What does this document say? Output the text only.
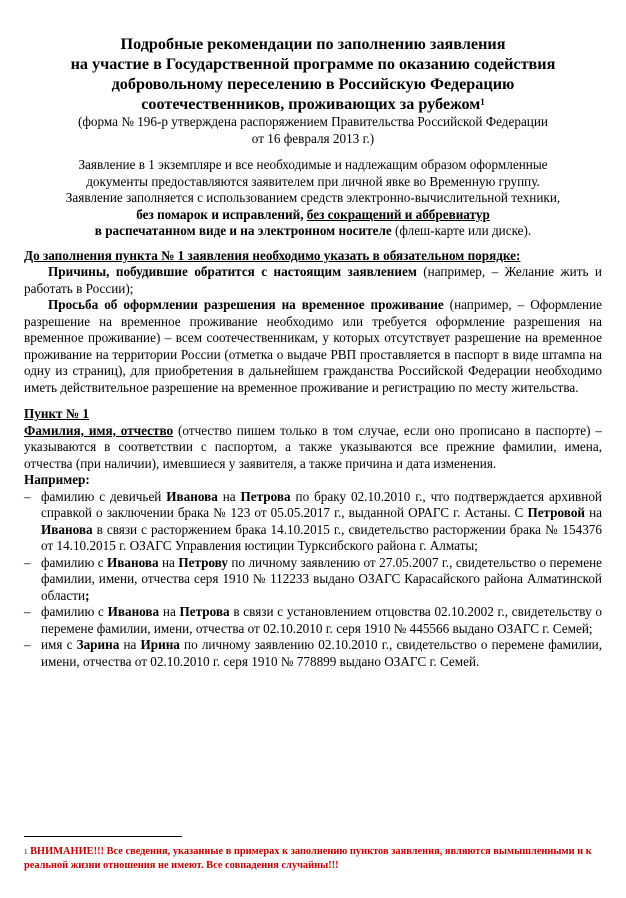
Подробные рекомендации по заполнению заявления
на участие в Государственной программе по оказанию содействия
добровольному переселению в Российскую Федерацию
соотечественников, проживающих за рубежом$^1$
(форма № 196-р утверждена распоряжением Правительства Российской Федерации
от 16 февраля 2013 г.)
Заявление в 1 экземпляре и все необходимые и надлежащим образом оформленные
документы предоставляются заявителем при личной явке во Временную группу.
Заявление заполняется с использованием средств электронно-вычислительной техники,
без помарок и исправлений, без сокращений и аббревиатур
в распечатанном виде и на электронном носителе (флеш-карте или диске).
До заполнения пункта № 1 заявления необходимо указать в обязательном порядке:
Причины, побудившие обратится с настоящим заявлением (например, – Желание жить и работать в России);
Просьба об оформлении разрешения на временное проживание (например, – Оформление разрешение на временное проживание необходимо или требуется оформление разрешения на временное проживание) – всем соотечественникам, у которых отсутствует разрешение на временное проживание на территории России (отметка о выдаче РВП проставляется в паспорт в виде штампа на одну из страниц), для приобретения в дальнейшем гражданства Российской Федерации необходимо иметь действительное разрешение на временное проживание и регистрацию по месту жительства.
Пункт № 1
Фамилия, имя, отчество (отчество пишем только в том случае, если оно прописано в паспорте) – указываются в соответствии с паспортом, а также указываются все прежние фамилии, имена, отчества (при наличии), имевшиеся у заявителя, а также причина и дата изменения.
Например:
– фамилию с девичьей Иванова на Петрова по браку 02.10.2010 г., что подтверждается архивной справкой о заключении брака № 123 от 05.05.2017 г., выданной ОРАГС г. Астаны. С Петровой на Иванова в связи с расторжением брака 14.10.2015 г., свидетельство расторжении брака № 154376 от 14.10.2015 г. ОЗАГС Управления юстиции Турксибского района г. Алматы;
– фамилию с Иванова на Петрову по личному заявлению от 27.05.2007 г., свидетельство о перемене фамилии, имени, отчества серя 1910 № 112233 выдано ОЗАГС Карасайского района Алматинской области;
– фамилию с Иванова на Петрова в связи с установлением отцовства 02.10.2002 г., свидетельству о перемене фамилии, имени, отчества от 02.10.2010 г. серя 1910 № 445566 выдано ОЗАГС г. Семей;
– имя с Зарина на Ирина по личному заявлению 02.10.2010 г., свидетельство о перемене фамилии, имени, отчества от 02.10.2010 г. серя 1910 № 778899 выдано ОЗАГС г. Семей.
$^1$ ВНИМАНИЕ!!! Все сведения, указанные в примерах к заполнению пунктов заявления, являются вымышленными и к реальной жизни отношения не имеют. Все совпадения случайны!!!
